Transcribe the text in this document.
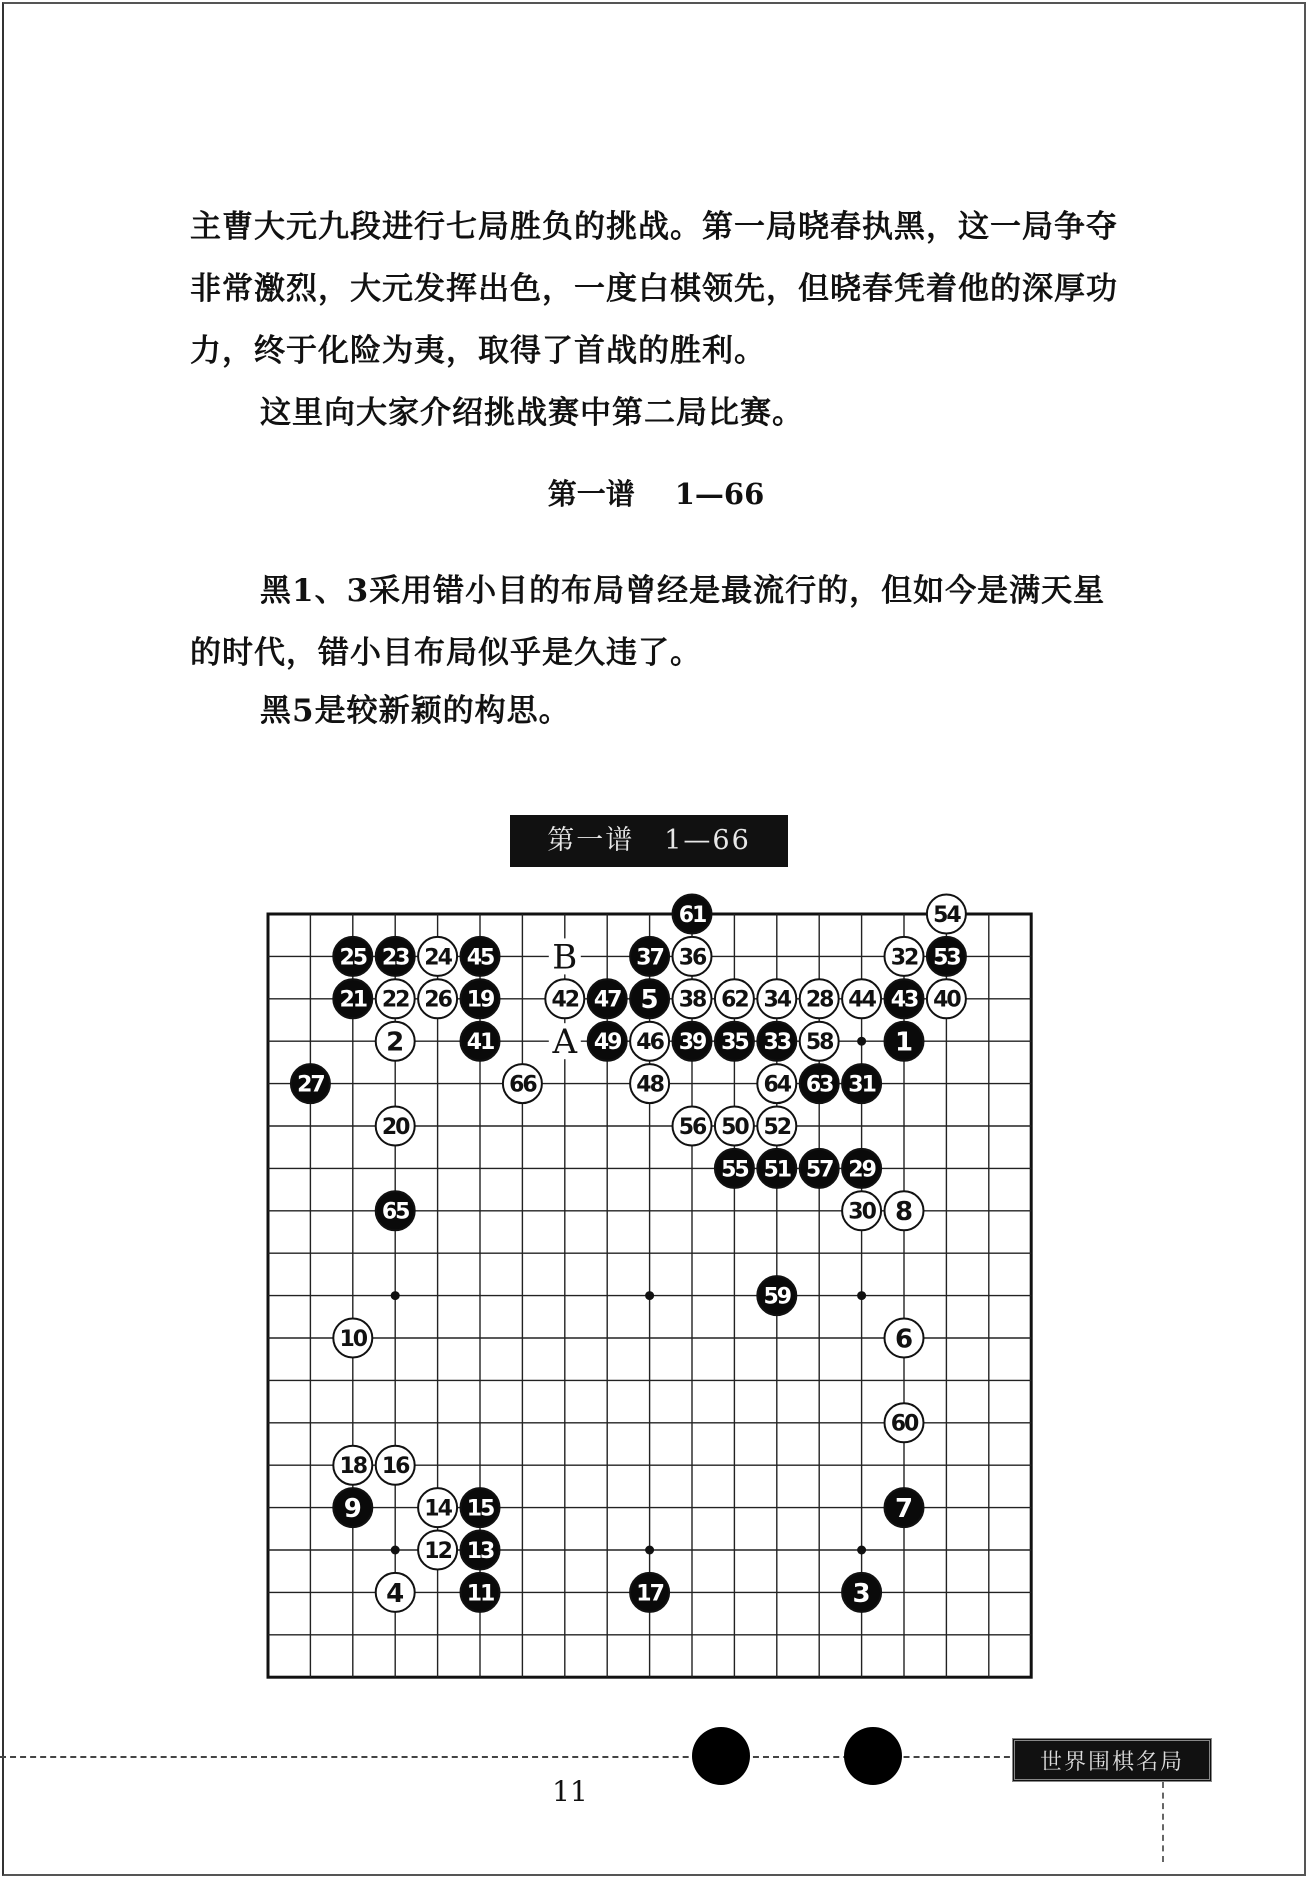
主曹大元九段进行七局胜负的挑战。第一局晓春执黑，这一局争夺非常激烈，大元发挥出色，一度白棋领先，但晓春凭着他的深厚功力，终于化险为夷，取得了首战的胜利。

这里向大家介绍挑战赛中第二局比赛。

第一谱 1—66

黑1、3采用错小目的布局曾经是最流行的，但如今是满天星的时代，错小目布局似乎是久违了。

黑5是较新颖的构思。

第一谱 1—66
B
A
61	54
25 23 24 45	37 36	32 53
21 22 26 19	42 47 5 38 62 34 28 44 43 40
2	41	49 46 39 35 33 58 1
27	66	48	64 63 31
20	56 50 52
55 51 57 29
65	30 8
59
10	6
60
18 16
9	14 15	7
12 13
4	11	17	3
11
世界围棋名局
